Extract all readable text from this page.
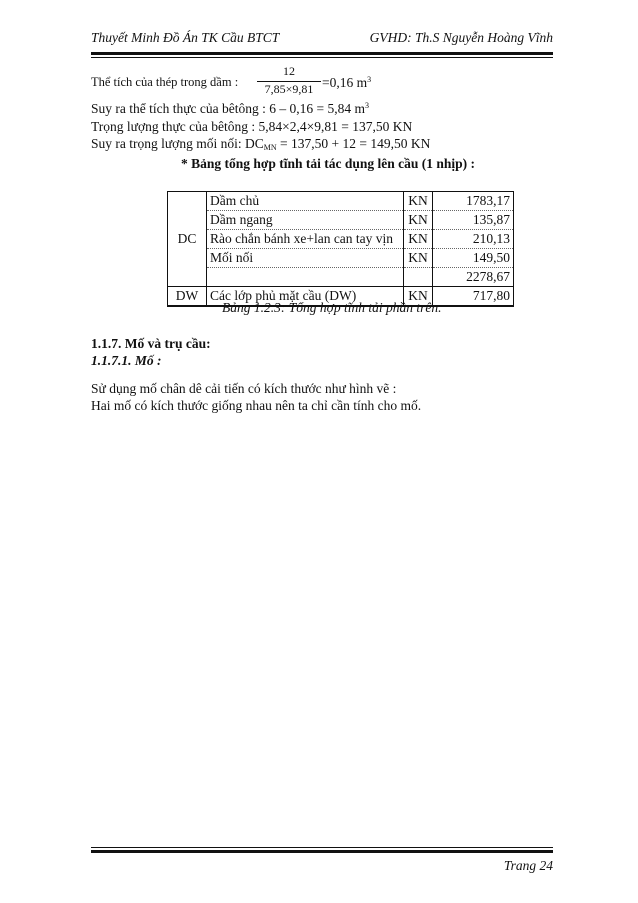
Thuyết Minh Đồ Án TK Cầu BTCT	GVHD: Th.S Nguyễn Hoàng Vĩnh
Thể tích của thép trong dầm :
12
7,85×9,81 =0,16 $m^3$
Suy ra thể tích thực của bêtông : 6 – 0,16 = 5,84 $m^3$
Trọng lượng thực của bêtông : 5,84×2,4×9,81 = 137,50 KN
Suy ra trọng lượng mối nối: $DC_{MN} = 137,50 + 12 = 149,50$ KN
* Bảng tổng hợp tĩnh tải tác dụng lên cầu (1 nhịp) :
DC	Dầm chủ	KN	1783,17
	Dầm ngang	KN	135,87
	Rào chắn bánh xe+lan can tay vịn	KN	210,13
	Mối nối	KN	149,50
			2278,67
DW	Các lớp phủ mặt cầu (DW)	KN	717,80
Bảng 1.2.3: Tổng hợp tĩnh tải phần trên.
1.1.7. Mố và trụ cầu:
1.1.7.1. Mố :
Sử dụng mố chân dê cải tiến có kích thước như hình vẽ :
Hai mố có kích thước giống nhau nên ta chỉ cần tính cho mố.
Trang 24
